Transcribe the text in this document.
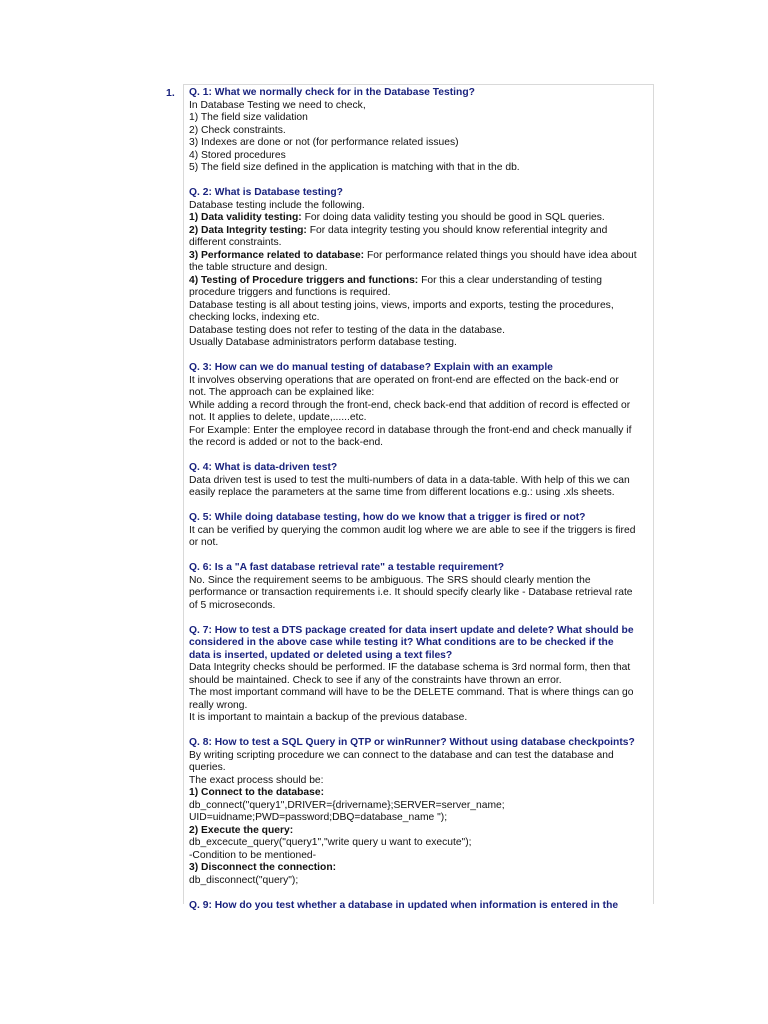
1. Q. 1: What we normally check for in the Database Testing?
In Database Testing we need to check,
1) The field size validation
2) Check constraints.
3) Indexes are done or not (for performance related issues)
4) Stored procedures
5) The field size defined in the application is matching with that in the db.
Q. 2: What is Database testing?
Database testing include the following.
1) Data validity testing: For doing data validity testing you should be good in SQL queries.
2) Data Integrity testing: For data integrity testing you should know referential integrity and
different constraints.
3) Performance related to database: For performance related things you should have idea about
the table structure and design.
4) Testing of Procedure triggers and functions: For this a clear understanding of testing
procedure triggers and functions is required.
Database testing is all about testing joins, views, imports and exports, testing the procedures,
checking locks, indexing etc.
Database testing does not refer to testing of the data in the database.
Usually Database administrators perform database testing.
Q. 3: How can we do manual testing of database? Explain with an example
It involves observing operations that are operated on front-end are effected on the back-end or
not. The approach can be explained like:
While adding a record through the front-end, check back-end that addition of record is effected or
not. It applies to delete, update,......etc.
For Example: Enter the employee record in database through the front-end and check manually if
the record is added or not to the back-end.
Q. 4: What is data-driven test?
Data driven test is used to test the multi-numbers of data in a data-table. With help of this we can
easily replace the parameters at the same time from different locations e.g.: using .xls sheets.
Q. 5: While doing database testing, how do we know that a trigger is fired or not?
It can be verified by querying the common audit log where we are able to see if the triggers is fired
or not.
Q. 6: Is a "A fast database retrieval rate" a testable requirement?
No. Since the requirement seems to be ambiguous. The SRS should clearly mention the
performance or transaction requirements i.e. It should specify clearly like - Database retrieval rate
of 5 microseconds.
Q. 7: How to test a DTS package created for data insert update and delete? What should be
considered in the above case while testing it? What conditions are to be checked if the
data is inserted, updated or deleted using a text files?
Data Integrity checks should be performed. IF the database schema is 3rd normal form, then that
should be maintained. Check to see if any of the constraints have thrown an error.
The most important command will have to be the DELETE command. That is where things can go
really wrong.
It is important to maintain a backup of the previous database.
Q. 8: How to test a SQL Query in QTP or winRunner? Without using database checkpoints?
By writing scripting procedure we can connect to the database and can test the database and
queries.
The exact process should be:
1) Connect to the database:
db_connect("query1",DRIVER={drivername};SERVER=server_name;
UID=uidname;PWD=password;DBQ=database_name ");
2) Execute the query:
db_excecute_query("query1","write query u want to execute");
-Condition to be mentioned-
3) Disconnect the connection:
db_disconnect("query");
Q. 9: How do you test whether a database in updated when information is entered in the
